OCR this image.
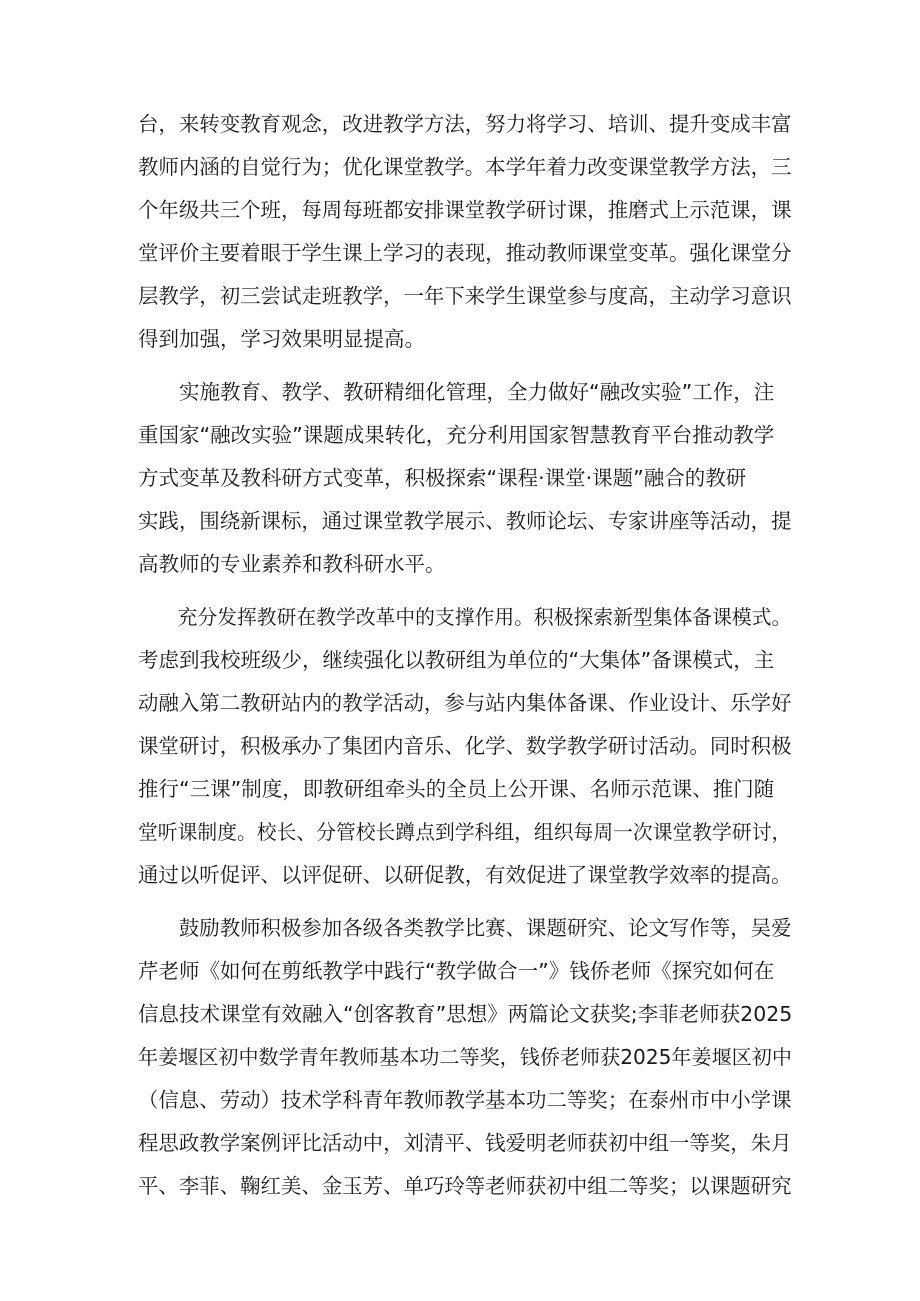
台，来转变教育观念，改进教学方法，努力将学习、培训、提升变成丰富
教师内涵的自觉行为；优化课堂教学。本学年着力改变课堂教学方法，三
个年级共三个班，每周每班都安排课堂教学研讨课，推磨式上示范课，课
堂评价主要着眼于学生课上学习的表现，推动教师课堂变革。强化课堂分
层教学，初三尝试走班教学，一年下来学生课堂参与度高，主动学习意识
得到加强，学习效果明显提高。
　　实施教育、教学、教研精细化管理，全力做好“融改实验”工作，注
重国家“融改实验”课题成果转化，充分利用国家智慧教育平台推动教学
方式变革及教科研方式变革，积极探索“课程·课堂·课题”融合的教研
实践，围绕新课标，通过课堂教学展示、教师论坛、专家讲座等活动，提
高教师的专业素养和教科研水平。
　　充分发挥教研在教学改革中的支撑作用。积极探索新型集体备课模式。
考虑到我校班级少，继续强化以教研组为单位的“大集体”备课模式，主
动融入第二教研站内的教学活动，参与站内集体备课、作业设计、乐学好
课堂研讨，积极承办了集团内音乐、化学、数学教学研讨活动。同时积极
推行“三课”制度，即教研组牵头的全员上公开课、名师示范课、推门随
堂听课制度。校长、分管校长蹲点到学科组，组织每周一次课堂教学研讨，
通过以听促评、以评促研、以研促教，有效促进了课堂教学效率的提高。
　　鼓励教师积极参加各级各类教学比赛、课题研究、论文写作等，吴爱
芹老师《如何在剪纸教学中践行“教学做合一”》钱侨老师《探究如何在
信息技术课堂有效融入“创客教育”思想》两篇论文获奖;李菲老师获2025
年姜堰区初中数学青年教师基本功二等奖，钱侨老师获2025年姜堰区初中
（信息、劳动）技术学科青年教师教学基本功二等奖；在泰州市中小学课
程思政教学案例评比活动中，刘清平、钱爱明老师获初中组一等奖，朱月
平、李菲、鞠红美、金玉芳、单巧玲等老师获初中组二等奖；以课题研究
